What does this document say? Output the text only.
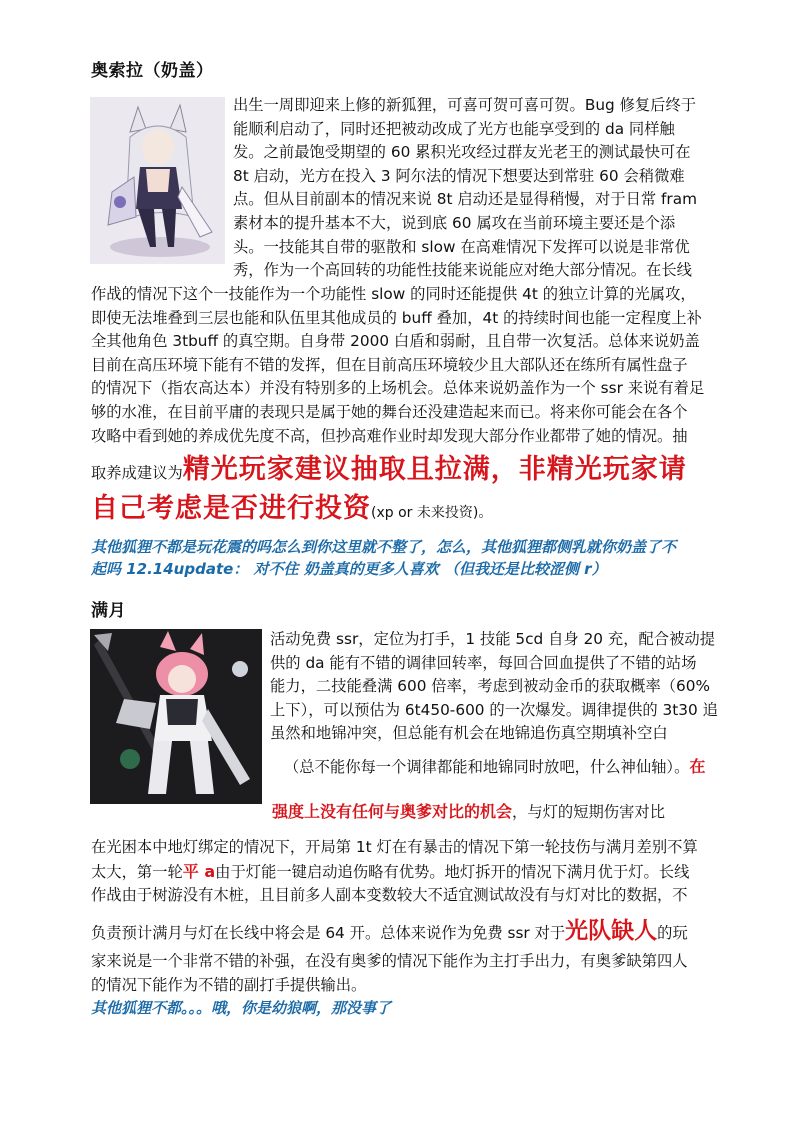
奥索拉（奶盖）
出生一周即迎来上修的新狐狸，可喜可贺可喜可贺。Bug 修复后终于
能顺利启动了，同时还把被动改成了光方也能享受到的 da 同样触
发。之前最饱受期望的 60 累积光攻经过群友光老王的测试最快可在
8t 启动，光方在投入 3 阿尔法的情况下想要达到常驻 60 会稍微难
点。但从目前副本的情况来说 8t 启动还是显得稍慢，对于日常 fram
素材本的提升基本不大，说到底 60 属攻在当前环境主要还是个添
头。一技能其自带的驱散和 slow 在高难情况下发挥可以说是非常优
秀，作为一个高回转的功能性技能来说能应对绝大部分情况。在长线
作战的情况下这个一技能作为一个功能性 slow 的同时还能提供 4t 的独立计算的光属攻，
即使无法堆叠到三层也能和队伍里其他成员的 buff 叠加，4t 的持续时间也能一定程度上补
全其他角色 3tbuff 的真空期。自身带 2000 白盾和弱耐，且自带一次复活。总体来说奶盖
目前在高压环境下能有不错的发挥，但在目前高压环境较少且大部队还在练所有属性盘子
的情况下（指农高达本）并没有特别多的上场机会。总体来说奶盖作为一个 ssr 来说有着足
够的水准，在目前平庸的表现只是属于她的舞台还没建造起来而已。将来你可能会在各个
攻略中看到她的养成优先度不高，但抄高难作业时却发现大部分作业都带了她的情况。抽
取养成建议为精光玩家建议抽取且拉满，非精光玩家请
自己考虑是否进行投资(xp or 未来投资)。
其他狐狸不都是玩花震的吗怎么到你这里就不整了，怎么，其他狐狸都侧乳就你奶盖了不
起吗 12.14update： 对不住 奶盖真的更多人喜欢 （但我还是比较涩侧 r）
满月
活动免费 ssr，定位为打手，1 技能 5cd 自身 20 充，配合被动提
供的 da 能有不错的调律回转率，每回合回血提供了不错的站场
能力，二技能叠满 600 倍率，考虑到被动金币的获取概率（60%
上下），可以预估为 6t450-600 的一次爆发。调律提供的 3t30 追
虽然和地锦冲突，但总能有机会在地锦追伤真空期填补空白
（总不能你每一个调律都能和地锦同时放吧，什么神仙轴）。在
强度上没有任何与奥爹对比的机会，与灯的短期伤害对比
在光困本中地灯绑定的情况下，开局第 1t 灯在有暴击的情况下第一轮技伤与满月差别不算
太大，第一轮平 a由于灯能一键启动追伤略有优势。地灯拆开的情况下满月优于灯。长线
作战由于树游没有木桩，且目前多人副本变数较大不适宜测试故没有与灯对比的数据，不
负责预计满月与灯在长线中将会是 64 开。总体来说作为免费 ssr 对于光队缺人的玩
家来说是一个非常不错的补强，在没有奥爹的情况下能作为主打手出力，有奥爹缺第四人
的情况下能作为不错的副打手提供输出。
其他狐狸不都。。。哦，你是幼狼啊，那没事了
